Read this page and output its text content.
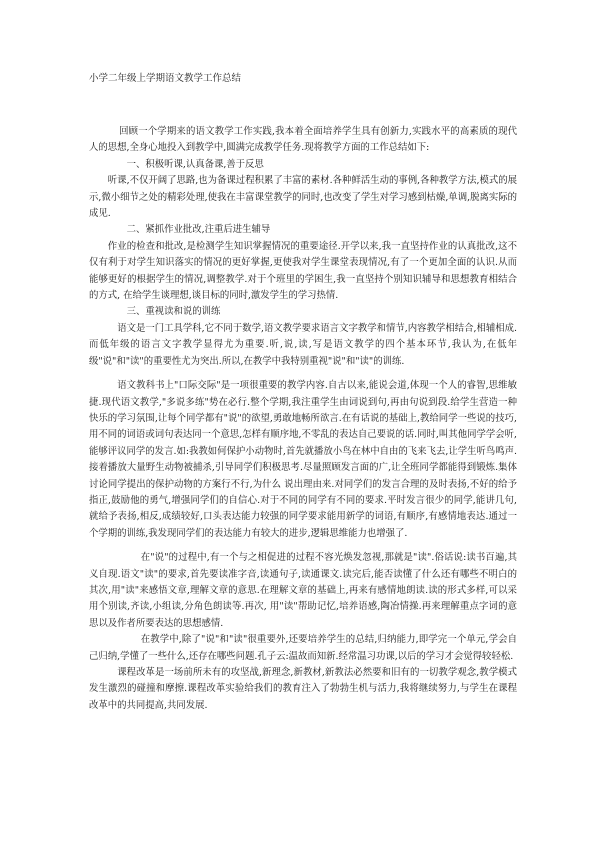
小学二年级上学期语文教学工作总结

回顾一个学期来的语文教学工作实践,我本着全面培养学生具有创新力,实践水平的高素质的现代人的思想,全身心地投入到教学中,圆满完成教学任务.现将教学方面的工作总结如下:

一、积极听课,认真备课,善于反思

听课,不仅开阔了思路,也为备课过程积累了丰富的素材.各种鲜活生动的事例,各种教学方法,模式的展示,微小细节之处的精彩处理,使我在丰富课堂教学的同时,也改变了学生对学习感到枯燥,单调,脱离实际的成见.

二、紧抓作业批改,注重后进生辅导

作业的检查和批改,是检测学生知识掌握情况的重要途径.开学以来,我一直坚持作业的认真批改,这不仅有利于对学生知识落实的情况的更好掌握,更使我对学生课堂表现情况,有了一个更加全面的认识.从而能够更好的根据学生的情况,调整教学.对于个班里的学困生,我一直坚持个别知识辅导和思想教育相结合的方式, 在给学生谈理想,谈目标的同时,激发学生的学习热情.

三、重视读和说的训练

语文是一门工具学科,它不同于数学,语文教学要求语言文字教学和情节,内容教学相结合,相辅相成.而低年级的语言文字教学显得尤为重要.听,说,读,写是语文教学的四个基本环节,我认为,在低年级"说"和"读"的重要性尤为突出.所以,在教学中我特别重视"说"和"读"的训练.

语文教科书上"口际交际"是一项很重要的教学内容.自古以来,能说会道,体现一个人的睿智,思维敏捷.现代语文教学,"多说多练"势在必行.整个学期,我注重学生由词说到句,再由句说到段.给学生营造一种快乐的学习氛围,让每个同学都有"说"的欲望,勇敢地畅所欲言.在有话说的基础上,教给同学一些说的技巧,用不同的词语或词句表达同一个意思,怎样有顺序地,不零乱的表达自己要说的话.同时,叫其他同学学会听,能够评议同学的发言.如:我教如何保护小动物时,首先就播放小鸟在林中自由的飞来飞去,让学生听鸟鸣声.接着播放大量野生动物被捕杀,引导同学们积极思考.尽量照顾发言面的广,让全班同学都能得到锻炼.集体讨论同学提出的保护动物的方案行不行,为什么 说出理由来.对同学们的发言合理的及时表扬,不好的给予指正,鼓励他的勇气,增强同学们的自信心.对于不同的同学有不同的要求.平时发言很少的同学,能讲几句,就给予表扬,相反,成绩较好,口头表达能力较强的同学要求能用新学的词语,有顺序,有感情地表达.通过一个学期的训练,我发现同学们的表达能力有较大的进步,逻辑思维能力也增强了.

在"说"的过程中,有一个与之相促进的过程不容光焕发忽视,那就是"读".俗话说:读书百遍,其义自现.语文"读"的要求,首先要读准字音,读通句子,读通课文.读完后,能否读懂了什么还有哪些不明白的 其次,用"读"来感悟文章,理解文章的意思.在理解文章的基础上,再来有感情地朗读.读的形式多样,可以采用个别读,齐读,小组读,分角色朗读等.再次, 用"读"帮助记忆,培养语感,陶冶情操.再来理解重点字词的意思以及作者所要表达的思想感情.

在教学中,除了"说"和"读"很重要外,还要培养学生的总结,归纳能力,即学完一个单元,学会自己归纳,学懂了一些什么,还存在哪些问题.孔子云:温故而知新.经常温习功课,以后的学习才会觉得较轻松.

课程改革是一场前所未有的攻坚战,新理念,新教材,新教法必然要和旧有的一切教学观念,教学模式发生激烈的碰撞和摩擦.课程改革实验给我们的教育注入了勃勃生机与活力,我将继续努力,与学生在课程改革中的共同提高,共同发展.
